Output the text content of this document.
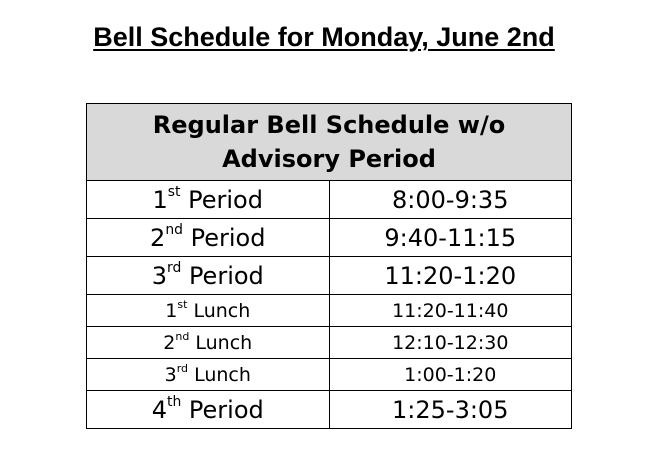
Bell Schedule for Monday, June 2nd
Regular Bell Schedule w/o
Advisory Period	

1st Period	8:00-9:35
2nd Period	9:40-11:15
3rd Period	11:20-1:20
1st Lunch	11:20-11:40
2nd Lunch	12:10-12:30
3rd Lunch	1:00-1:20
4th Period	1:25-3:05
